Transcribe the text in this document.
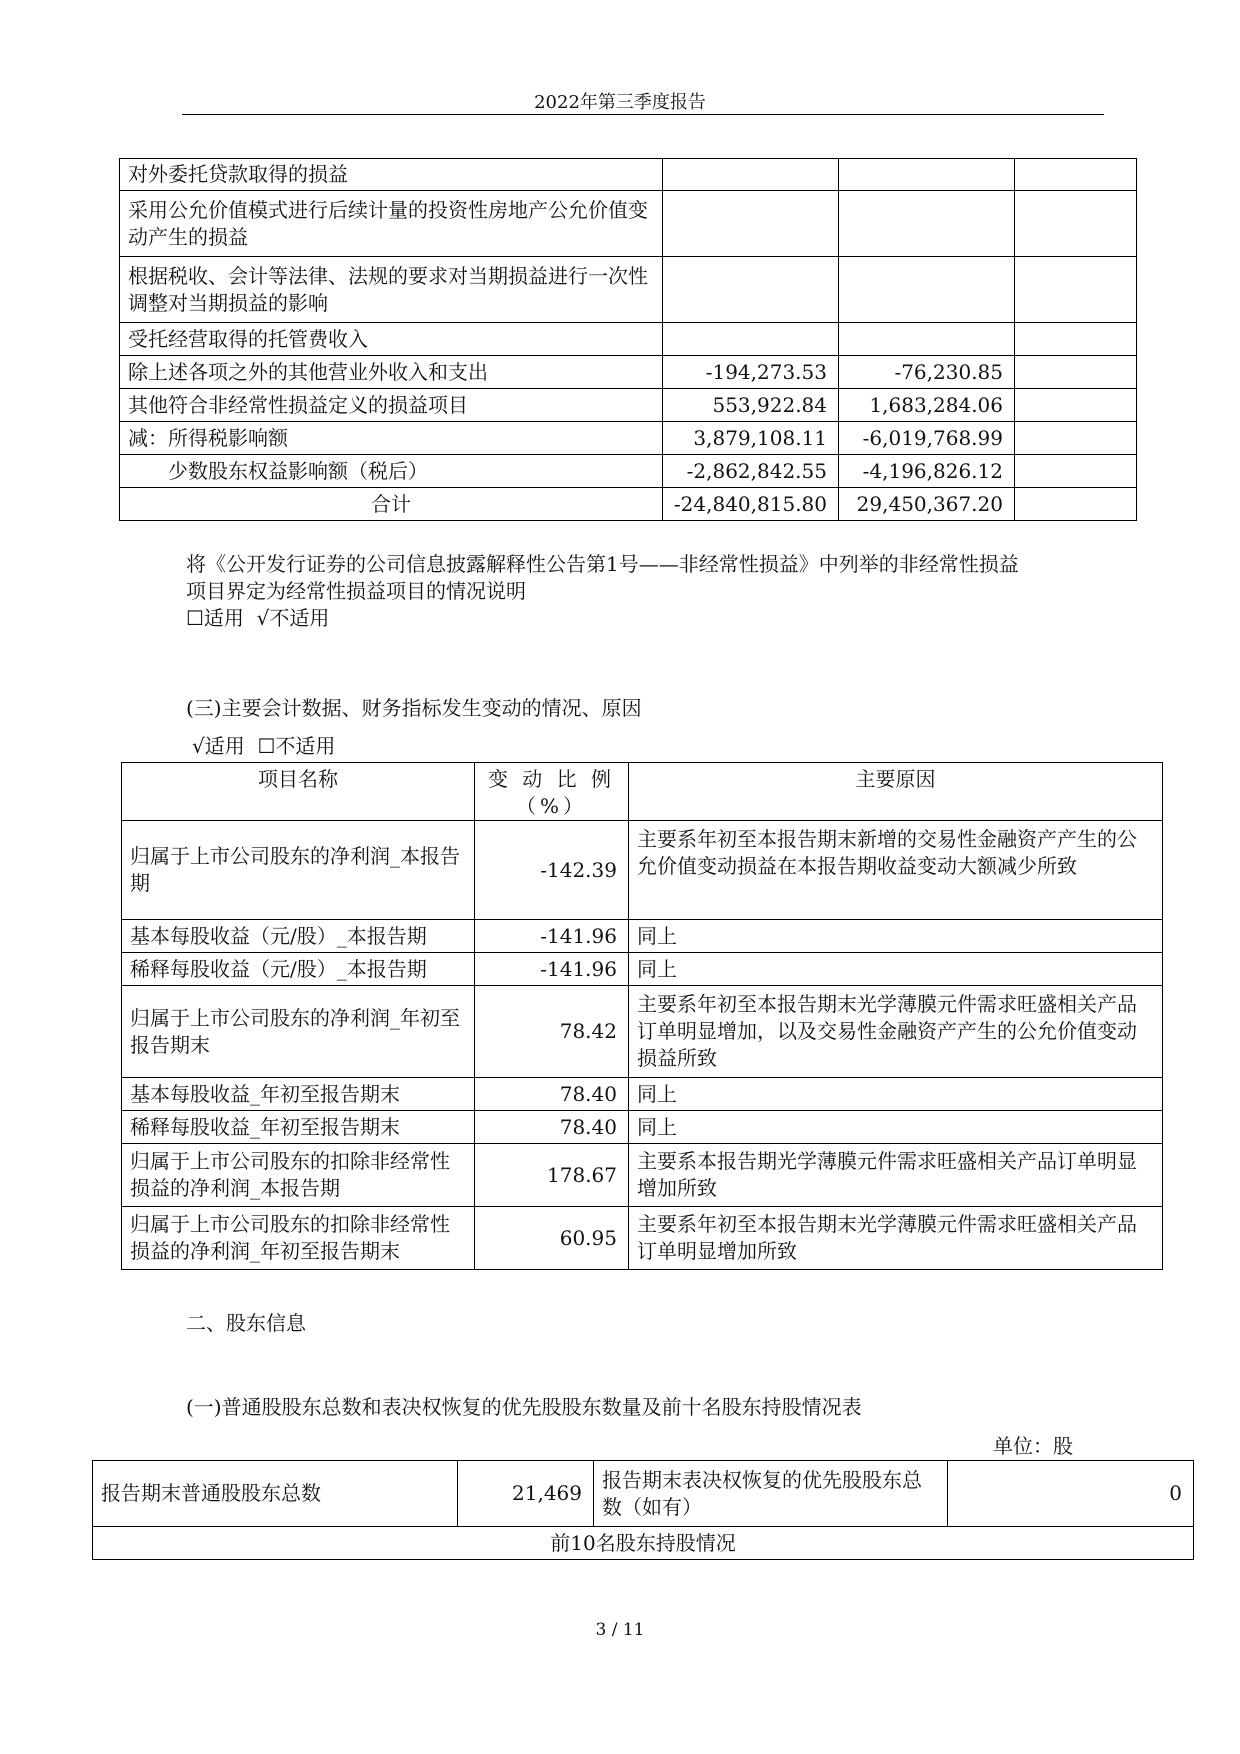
2022年第三季度报告
对外委托贷款取得的损益			
采用公允价值模式进行后续计量的投资性房地产公允价值变动产生的损益			
根据税收、会计等法律、法规的要求对当期损益进行一次性调整对当期损益的影响			
受托经营取得的托管费收入			
除上述各项之外的其他营业外收入和支出	-194,273.53	-76,230.85	
其他符合非经常性损益定义的损益项目	553,922.84	1,683,284.06	
减：所得税影响额	3,879,108.11	-6,019,768.99	
少数股东权益影响额（税后）	-2,862,842.55	-4,196,826.12	
合计	-24,840,815.80	29,450,367.20	
将《公开发行证券的公司信息披露解释性公告第1号——非经常性损益》中列举的非经常性损益
项目界定为经常性损益项目的情况说明
☐适用  √不适用
(三)主要会计数据、财务指标发生变动的情况、原因
√适用  ☐不适用
项目名称	变 动 比 例（%）	主要原因
归属于上市公司股东的净利润_本报告期	-142.39	主要系年初至本报告期末新增的交易性金融资产产生的公允价值变动损益在本报告期收益变动大额减少所致
基本每股收益（元/股）_本报告期	-141.96	同上
稀释每股收益（元/股）_本报告期	-141.96	同上
归属于上市公司股东的净利润_年初至报告期末	78.42	主要系年初至本报告期末光学薄膜元件需求旺盛相关产品订单明显增加，以及交易性金融资产产生的公允价值变动损益所致
基本每股收益_年初至报告期末	78.40	同上
稀释每股收益_年初至报告期末	78.40	同上
归属于上市公司股东的扣除非经常性损益的净利润_本报告期	178.67	主要系本报告期光学薄膜元件需求旺盛相关产品订单明显增加所致
归属于上市公司股东的扣除非经常性损益的净利润_年初至报告期末	60.95	主要系年初至本报告期末光学薄膜元件需求旺盛相关产品订单明显增加所致
二、股东信息
(一)普通股股东总数和表决权恢复的优先股股东数量及前十名股东持股情况表
单位：股
报告期末普通股股东总数	21,469	报告期末表决权恢复的优先股股东总数（如有）	0
前10名股东持股情况
3 / 11
